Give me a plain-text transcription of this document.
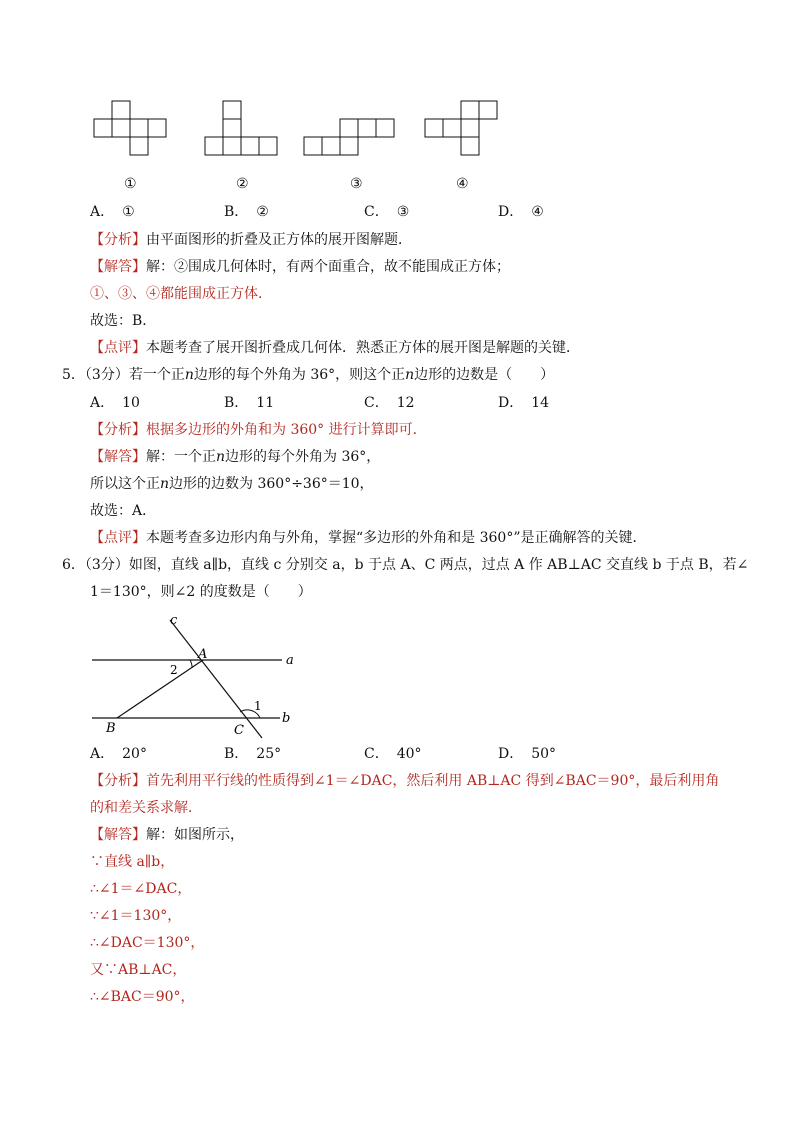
①	②	③	④
A． ①	B． ②	C． ③	D． ④
【分析】由平面图形的折叠及正方体的展开图解题．
【解答】解：②围成几何体时，有两个面重合，故不能围成正方体；
①、③、④都能围成正方体．
故选：B．
【点评】本题考查了展开图折叠成几何体．熟悉正方体的展开图是解题的关键．
5．（3分）若一个正n边形的每个外角为 36°，则这个正n边形的边数是（　　）
A． 10	B． 11	C． 12	D． 14
【分析】根据多边形的外角和为 360° 进行计算即可．
【解答】解：一个正n边形的每个外角为 36°，
所以这个正n边形的边数为 360°÷36°＝10，
故选：A．
【点评】本题考查多边形内角与外角，掌握“多边形的外角和是 360°”是正确解答的关键．
6．（3分）如图，直线 a∥b，直线 c 分别交 a，b 于点 A、C 两点，过点 A 作 AB⊥AC 交直线 b 于点 B，若∠
1＝130°，则∠2 的度数是（　　）
c
a
b
A
B	C
1
2
A． 20°	B． 25°	C． 40°	D． 50°
【分析】首先利用平行线的性质得到∠1＝∠DAC，然后利用 AB⊥AC 得到∠BAC＝90°，最后利用角
的和差关系求解．
【解答】解：如图所示，
∵直线 a∥b，
∴∠1＝∠DAC，
∵∠1＝130°，
∴∠DAC＝130°，
又∵AB⊥AC，
∴∠BAC＝90°，
